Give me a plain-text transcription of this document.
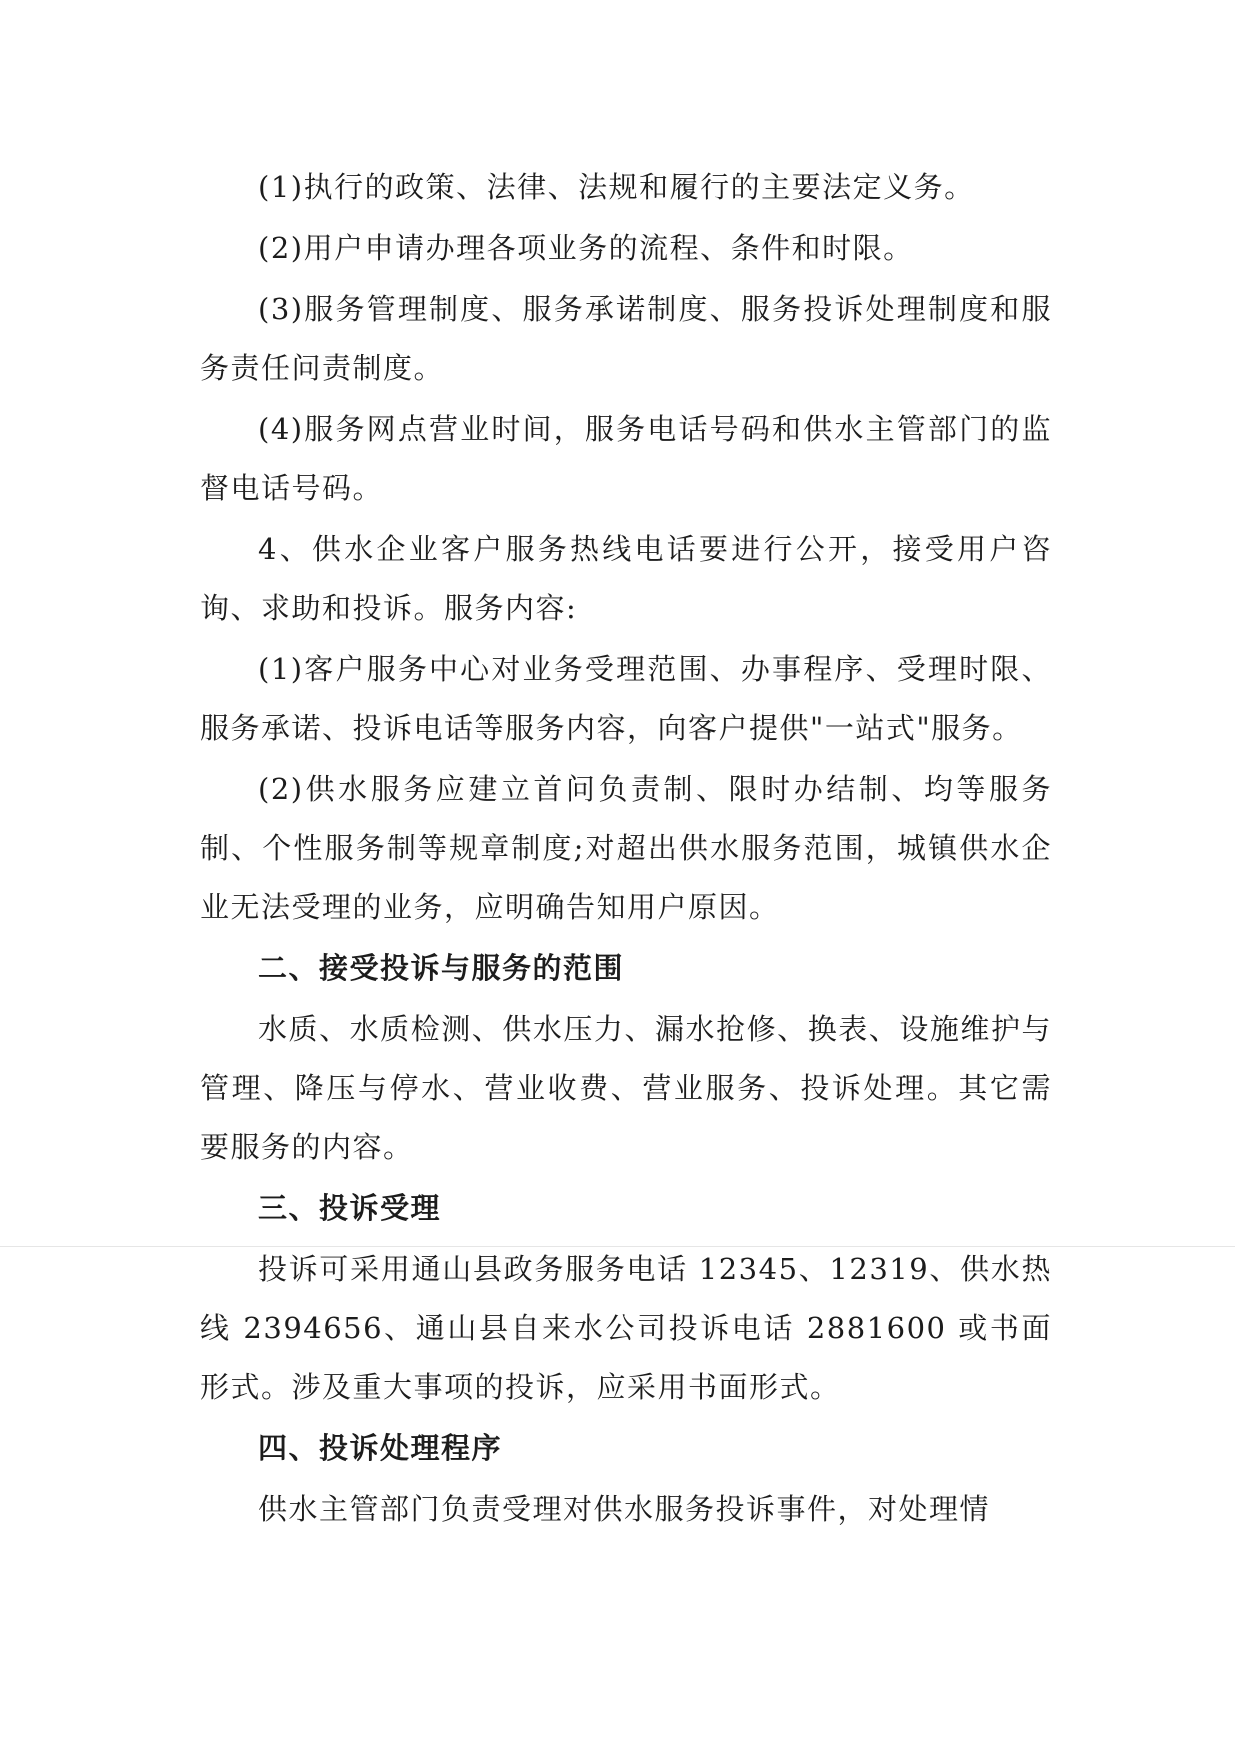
(1)执行的政策、法律、法规和履行的主要法定义务。

(2)用户申请办理各项业务的流程、条件和时限。

(3)服务管理制度、服务承诺制度、服务投诉处理制度和服务责任问责制度。

(4)服务网点营业时间，服务电话号码和供水主管部门的监督电话号码。

4、供水企业客户服务热线电话要进行公开，接受用户咨询、求助和投诉。服务内容:

(1)客户服务中心对业务受理范围、办事程序、受理时限、服务承诺、投诉电话等服务内容，向客户提供"一站式"服务。

(2)供水服务应建立首问负责制、限时办结制、均等服务制、个性服务制等规章制度;对超出供水服务范围，城镇供水企业无法受理的业务，应明确告知用户原因。

二、接受投诉与服务的范围

水质、水质检测、供水压力、漏水抢修、换表、设施维护与管理、降压与停水、营业收费、营业服务、投诉处理。其它需要服务的内容。

三、投诉受理

投诉可采用通山县政务服务电话 12345、12319、供水热线 2394656、通山县自来水公司投诉电话 2881600 或书面形式。涉及重大事项的投诉，应采用书面形式。

四、投诉处理程序

供水主管部门负责受理对供水服务投诉事件，对处理情
